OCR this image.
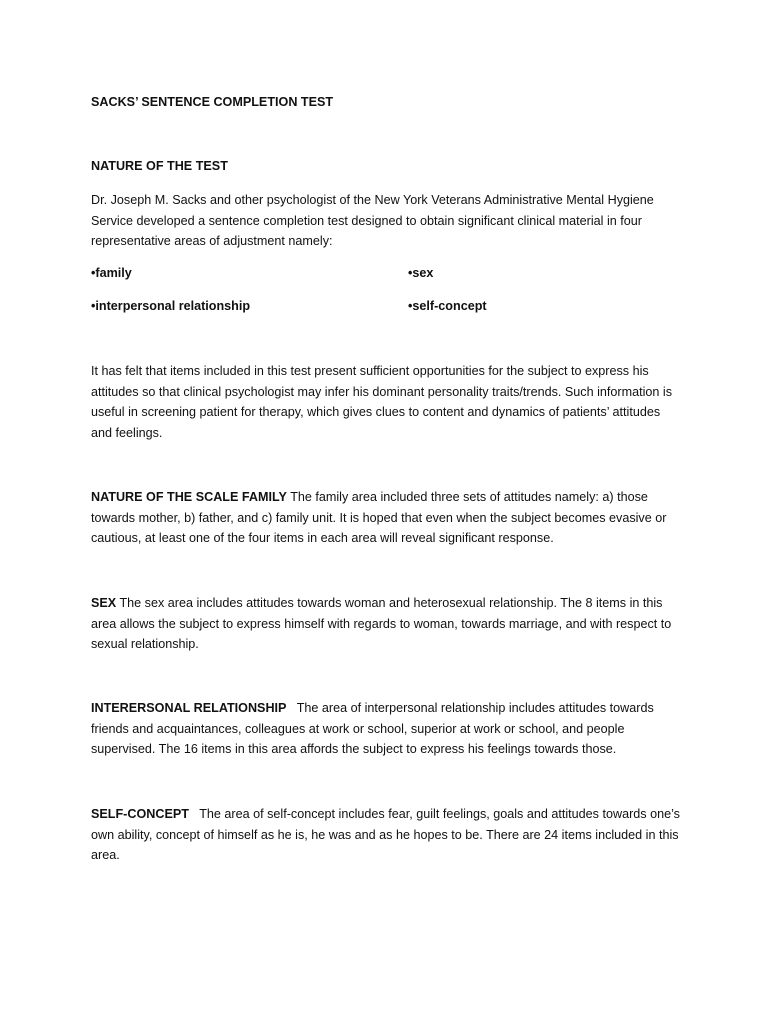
SACKS’ SENTENCE COMPLETION TEST

NATURE OF THE TEST

Dr. Joseph M. Sacks and other psychologist of the New York Veterans Administrative Mental Hygiene Service developed a sentence completion test designed to obtain significant clinical material in four representative areas of adjustment namely:

•family	•sex
•interpersonal relationship	•self-concept

It has felt that items included in this test present sufficient opportunities for the subject to express his attitudes so that clinical psychologist may infer his dominant personality traits/trends. Such information is useful in screening patient for therapy, which gives clues to content and dynamics of patients’ attitudes and feelings.

NATURE OF THE SCALE FAMILY The family area included three sets of attitudes namely: a) those towards mother, b) father, and c) family unit. It is hoped that even when the subject becomes evasive or cautious, at least one of the four items in each area will reveal significant response.

SEX The sex area includes attitudes towards woman and heterosexual relationship. The 8 items in this area allows the subject to express himself with regards to woman, towards marriage, and with respect to sexual relationship.

INTERERSONAL RELATIONSHIP   The area of interpersonal relationship includes attitudes towards friends and acquaintances, colleagues at work or school, superior at work or school, and people supervised. The 16 items in this area affords the subject to express his feelings towards those.

SELF-CONCEPT   The area of self-concept includes fear, guilt feelings, goals and attitudes towards one’s own ability, concept of himself as he is, he was and as he hopes to be. There are 24 items included in this area.
